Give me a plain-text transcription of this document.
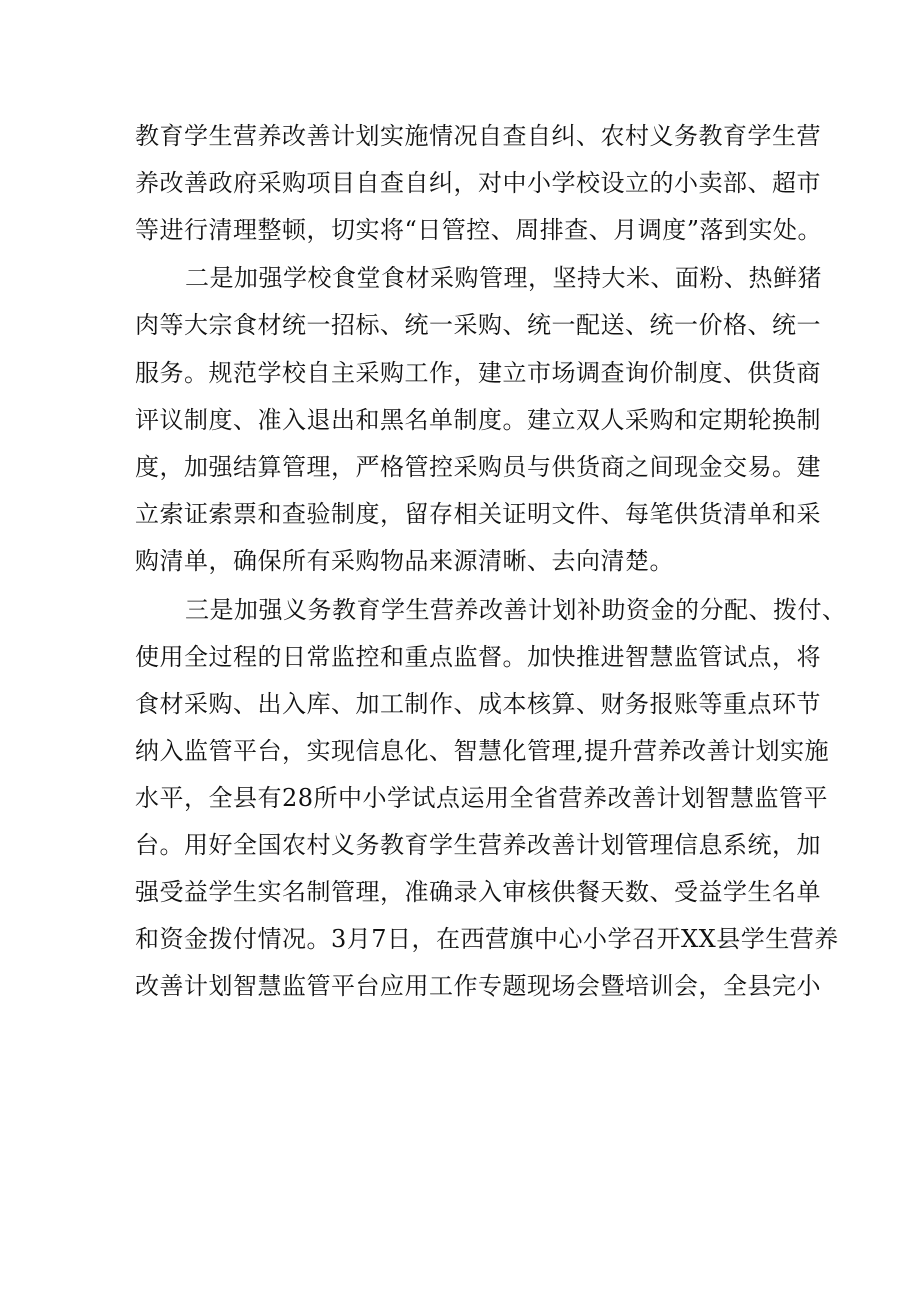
教育学生营养改善计划实施情况自查自纠、农村义务教育学生营
养改善政府采购项目自查自纠，对中小学校设立的小卖部、超市
等进行清理整顿，切实将“日管控、周排查、月调度”落到实处。
二是加强学校食堂食材采购管理，坚持大米、面粉、热鲜猪
肉等大宗食材统一招标、统一采购、统一配送、统一价格、统一
服务。规范学校自主采购工作，建立市场调查询价制度、供货商
评议制度、准入退出和黑名单制度。建立双人采购和定期轮换制
度，加强结算管理，严格管控采购员与供货商之间现金交易。建
立索证索票和查验制度，留存相关证明文件、每笔供货清单和采
购清单，确保所有采购物品来源清晰、去向清楚。
三是加强义务教育学生营养改善计划补助资金的分配、拨付、
使用全过程的日常监控和重点监督。加快推进智慧监管试点，将
食材采购、出入库、加工制作、成本核算、财务报账等重点环节
纳入监管平台，实现信息化、智慧化管理,提升营养改善计划实施
水平，全县有28所中小学试点运用全省营养改善计划智慧监管平
台。用好全国农村义务教育学生营养改善计划管理信息系统，加
强受益学生实名制管理，准确录入审核供餐天数、受益学生名单
和资金拨付情况。3月7日，在西营旗中心小学召开XX县学生营养
改善计划智慧监管平台应用工作专题现场会暨培训会，全县完小
